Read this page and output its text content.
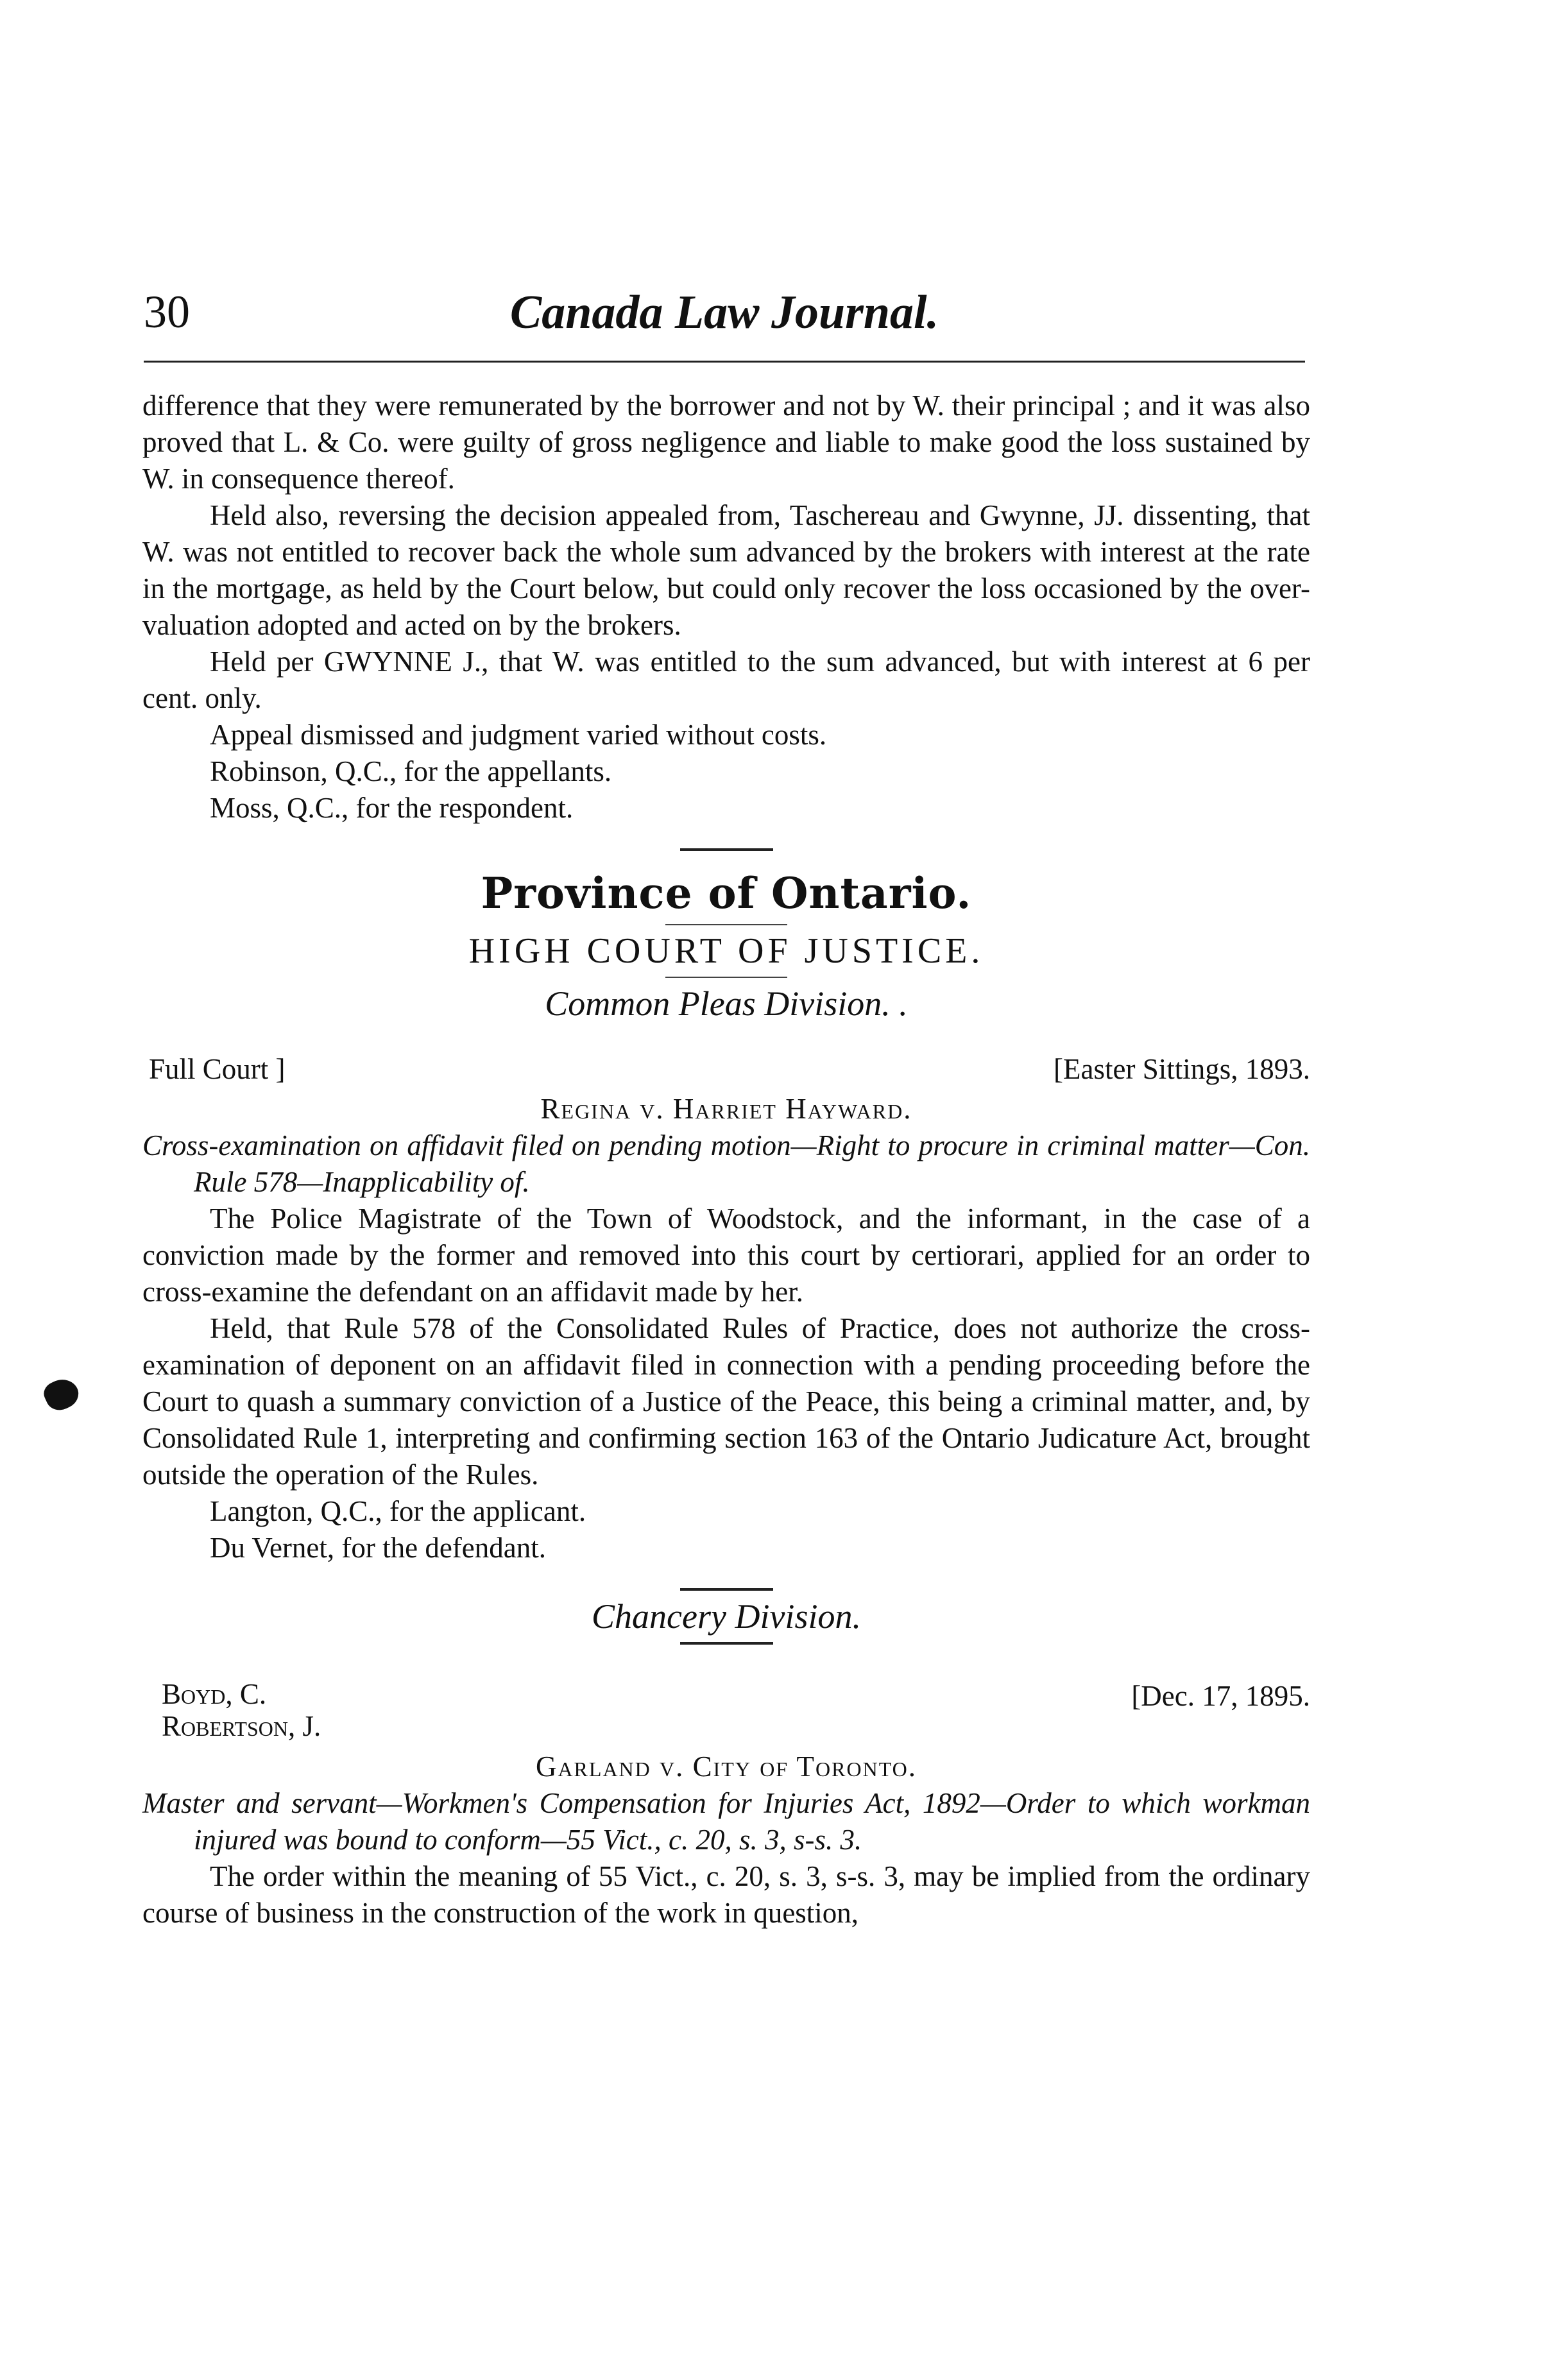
30	Canada Law Journal.

difference that they were remunerated by the borrower and not by W. their principal ; and it was also proved that L. & Co. were guilty of gross negligence and liable to make good the loss sustained by W. in consequence thereof.

Held also, reversing the decision appealed from, Taschereau and Gwynne, JJ. dissenting, that W. was not entitled to recover back the whole sum advanced by the brokers with interest at the rate in the mortgage, as held by the Court below, but could only recover the loss occasioned by the over-valuation adopted and acted on by the brokers.

Held per GWYNNE J., that W. was entitled to the sum advanced, but with interest at 6 per cent. only.

Appeal dismissed and judgment varied without costs.

Robinson, Q.C., for the appellants.

Moss, Q.C., for the respondent.

Province of Ontario.
HIGH COURT OF JUSTICE.
Common Pleas Division. .
Full Court ]	[Easter Sittings, 1893.
Regina v. Harriet Hayward.

Cross-examination on affidavit filed on pending motion—Right to procure in criminal matter—Con. Rule 578—Inapplicability of.

The Police Magistrate of the Town of Woodstock, and the informant, in the case of a conviction made by the former and removed into this court by certiorari, applied for an order to cross-examine the defendant on an affidavit made by her.

Held, that Rule 578 of the Consolidated Rules of Practice, does not authorize the cross-examination of deponent on an affidavit filed in connection with a pending proceeding before the Court to quash a summary conviction of a Justice of the Peace, this being a criminal matter, and, by Consolidated Rule 1, interpreting and confirming section 163 of the Ontario Judicature Act, brought outside the operation of the Rules.

Langton, Q.C., for the applicant.

Du Vernet, for the defendant.

Chancery Division.
Boyd, C.
Robertson, J.
[Dec. 17, 1895.
Garland v. City of Toronto.

Master and servant—Workmen's Compensation for Injuries Act, 1892—Order to which workman injured was bound to conform—55 Vict., c. 20, s. 3, s-s. 3.

The order within the meaning of 55 Vict., c. 20, s. 3, s-s. 3, may be implied from the ordinary course of business in the construction of the work in question,
